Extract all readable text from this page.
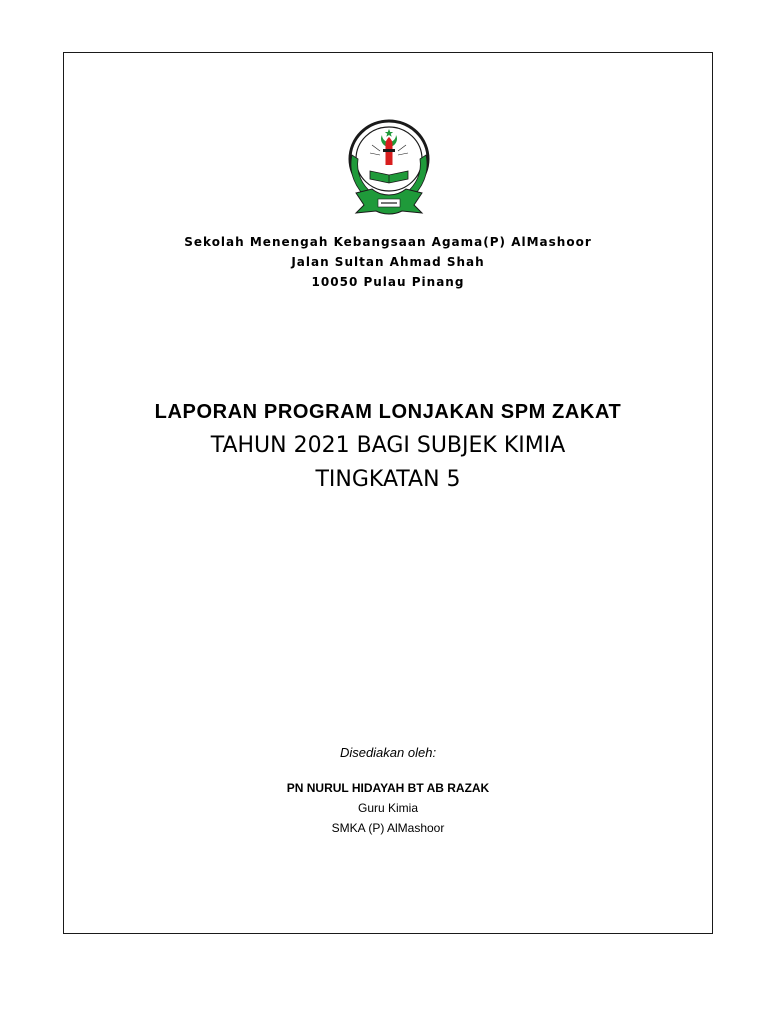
Sekolah Menengah Kebangsaan Agama(P) AlMashoor
Jalan Sultan Ahmad Shah
10050 Pulau Pinang
LAPORAN PROGRAM LONJAKAN SPM ZAKAT
TAHUN 2021 BAGI SUBJEK KIMIA
TINGKATAN 5
Disediakan oleh:
PN NURUL HIDAYAH BT AB RAZAK
Guru Kimia
SMKA (P) AlMashoor
